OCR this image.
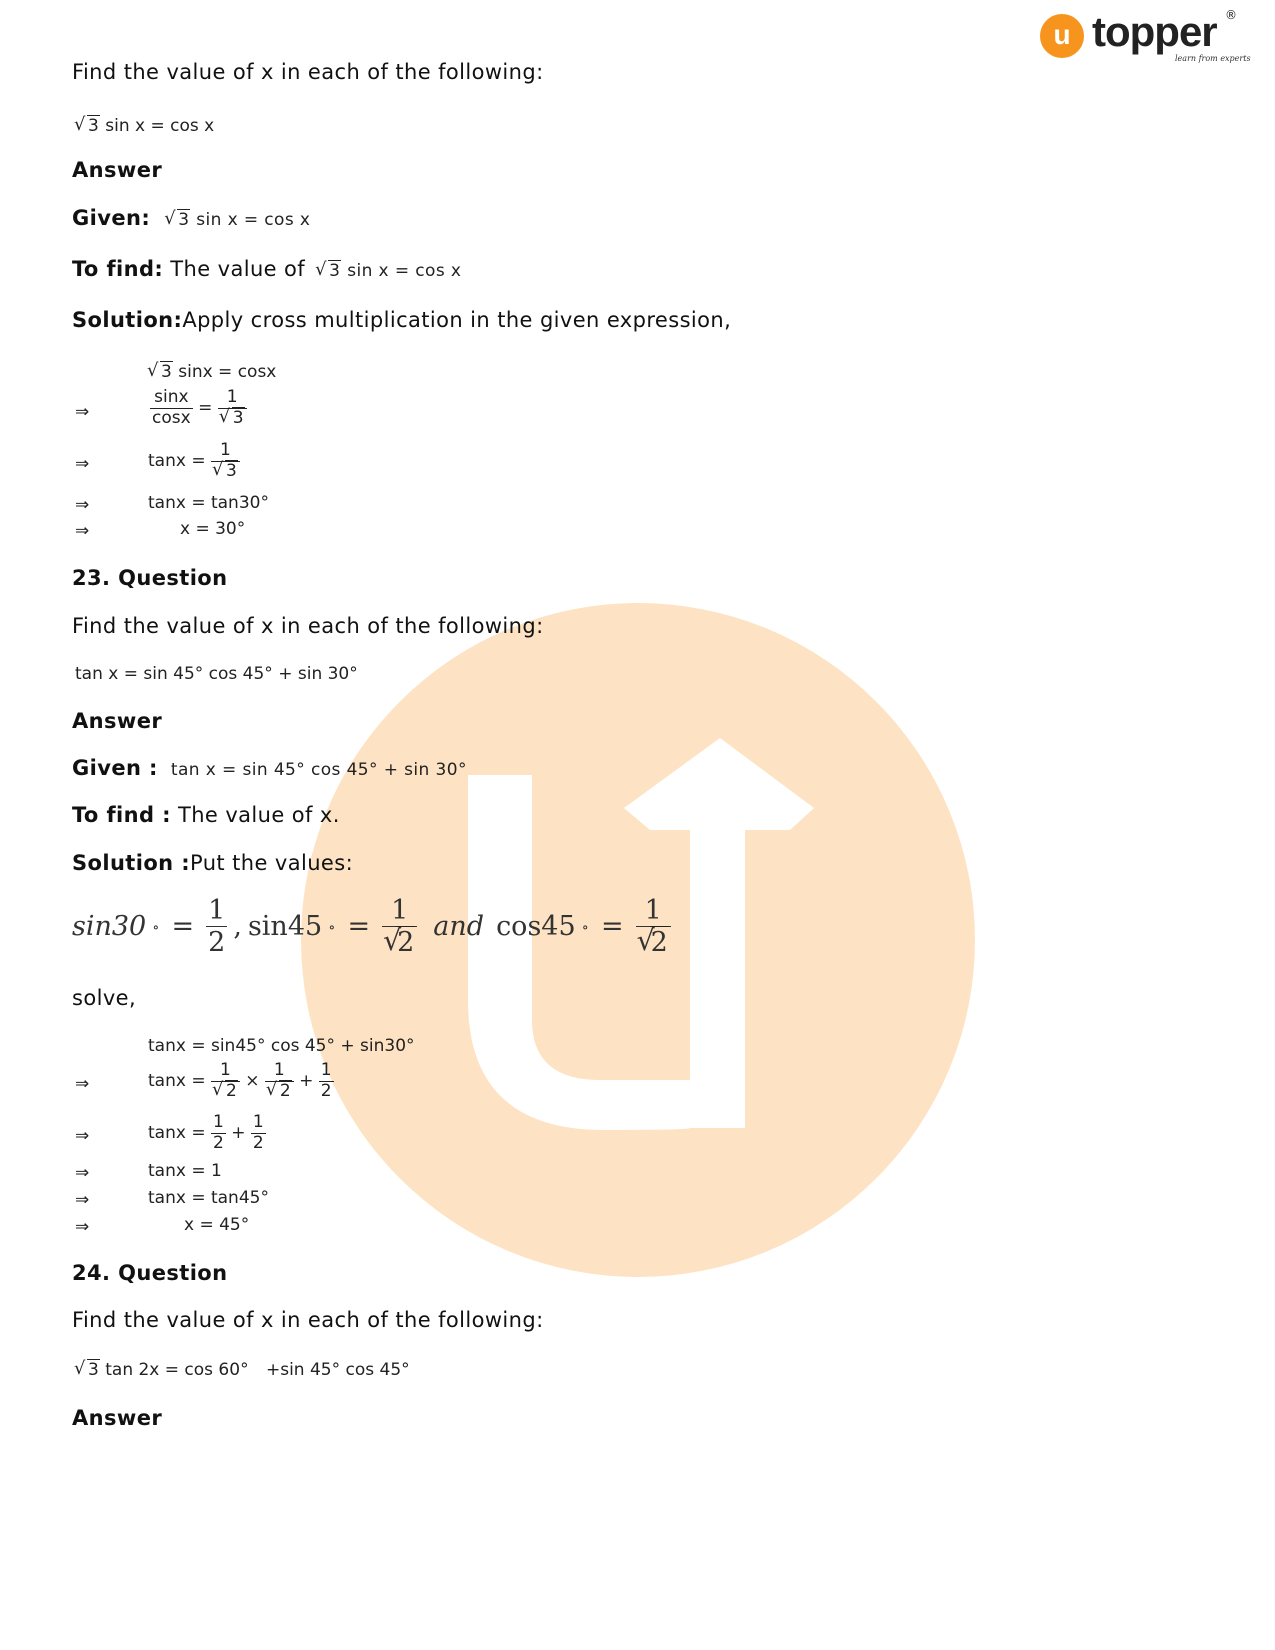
u topper ®
learn from experts
Find the value of x in each of the following:
√ 3 sin x = cos x
Answer
Given: √ 3 sin x = cos x
To find: The value of √ 3 sin x = cos x
Solution:Apply cross multiplication in the given expression,
√ 3 sinx = cosx
⇒	$\frac{\sin x}{\cos x} = 1$
√ 3
⇒	tanx = 1
√ 3
⇒	tanx = tan30°
⇒	x = 30°
23. Question
Find the value of x in each of the following:
tan x = sin 45° cos 45° + sin 30°
Answer
Given : tan x = sin 45° cos 45° + sin 30°
To find : The value of x.
Solution :Put the values:
sin30 ∘ = $\frac{1}{2}$ , sin45 ∘ = 1
√ 2 and cos45 ∘ = 1
√ 2
solve,
tanx = sin45° cos 45° + sin30°
⇒	tanx = 1
√ 2 × 1
√ $2 + \frac{1}{2}$
⇒	$\tan x = \frac{1}{2} + \frac{1}{2}$
⇒	tanx = 1
⇒	tanx = tan45°
⇒	x = 45°
24. Question
Find the value of x in each of the following:
√ 3 tan 2x = cos 60° +sin 45° cos 45°
Answer
